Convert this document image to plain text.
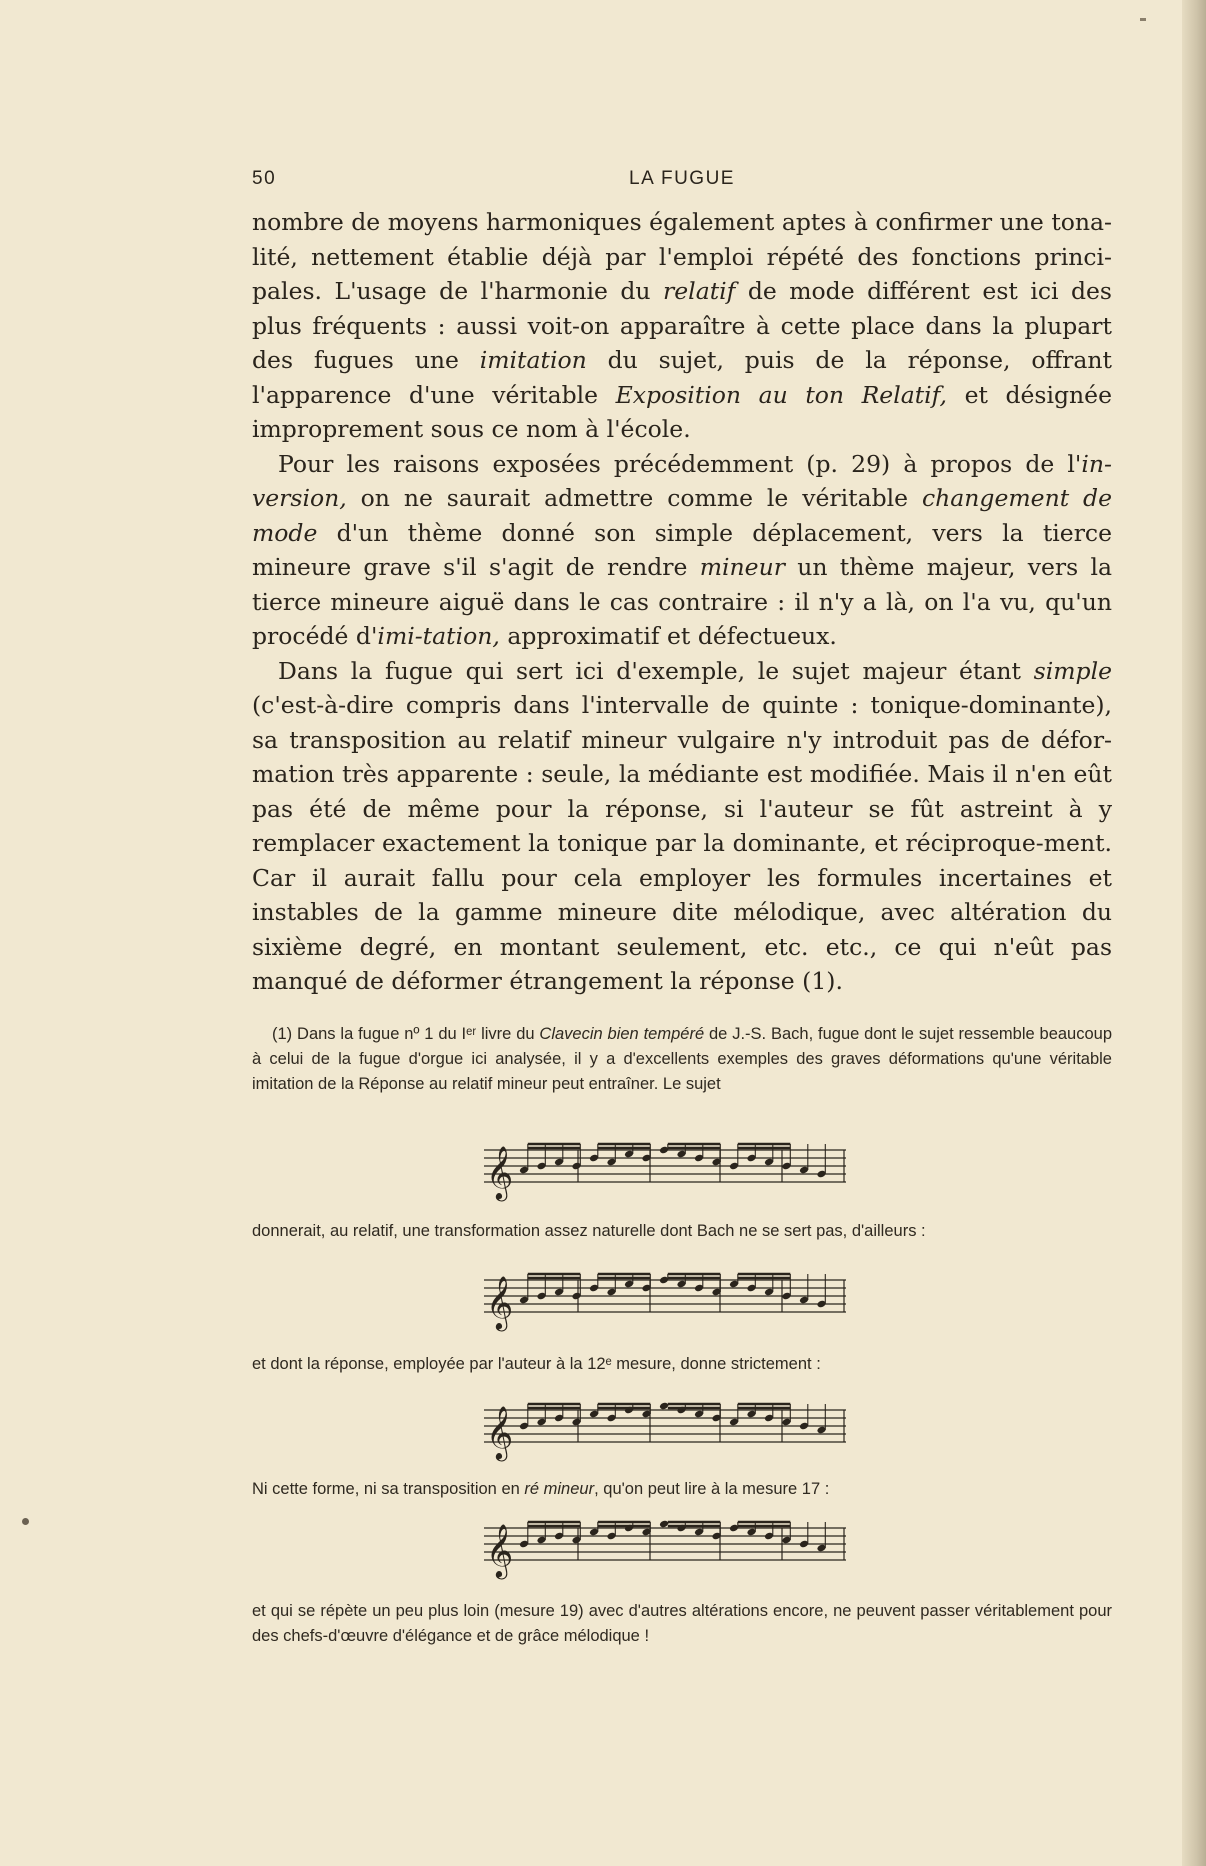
50	LA FUGUE

nombre de moyens harmoniques également aptes à confirmer une tona-lité, nettement établie déjà par l'emploi répété des fonctions princi-pales. L'usage de l'harmonie du relatif de mode différent est ici des plus fréquents : aussi voit-on apparaître à cette place dans la plupart des fugues une imitation du sujet, puis de la réponse, offrant l'apparence d'une véritable Exposition au ton Relatif, et désignée improprement sous ce nom à l'école.

Pour les raisons exposées précédemment (p. 29) à propos de l'in-version, on ne saurait admettre comme le véritable changement de mode d'un thème donné son simple déplacement, vers la tierce mineure grave s'il s'agit de rendre mineur un thème majeur, vers la tierce mineure aiguë dans le cas contraire : il n'y a là, on l'a vu, qu'un procédé d'imi-tation, approximatif et défectueux.

Dans la fugue qui sert ici d'exemple, le sujet majeur étant simple (c'est-à-dire compris dans l'intervalle de quinte : tonique-dominante), sa transposition au relatif mineur vulgaire n'y introduit pas de défor-mation très apparente : seule, la médiante est modifiée. Mais il n'en eût pas été de même pour la réponse, si l'auteur se fût astreint à y remplacer exactement la tonique par la dominante, et réciproque-ment. Car il aurait fallu pour cela employer les formules incertaines et instables de la gamme mineure dite mélodique, avec altération du sixième degré, en montant seulement, etc. etc., ce qui n'eût pas manqué de déformer étrangement la réponse (1).

(1) Dans la fugue nº 1 du Iᵉʳ livre du Clavecin bien tempéré de J.-S. Bach, fugue dont le sujet ressemble beaucoup à celui de la fugue d'orgue ici analysée, il y a d'excellents exemples des graves déformations qu'une véritable imitation de la Réponse au relatif mineur peut entraîner. Le sujet

𝄞

donnerait, au relatif, une transformation assez naturelle dont Bach ne se sert pas, d'ailleurs :

𝄞

et dont la réponse, employée par l'auteur à la 12ᵉ mesure, donne strictement :

𝄞

Ni cette forme, ni sa transposition en ré mineur, qu'on peut lire à la mesure 17 :

𝄞

et qui se répète un peu plus loin (mesure 19) avec d'autres altérations encore, ne peuvent passer véritablement pour des chefs-d'œuvre d'élégance et de grâce mélodique !
